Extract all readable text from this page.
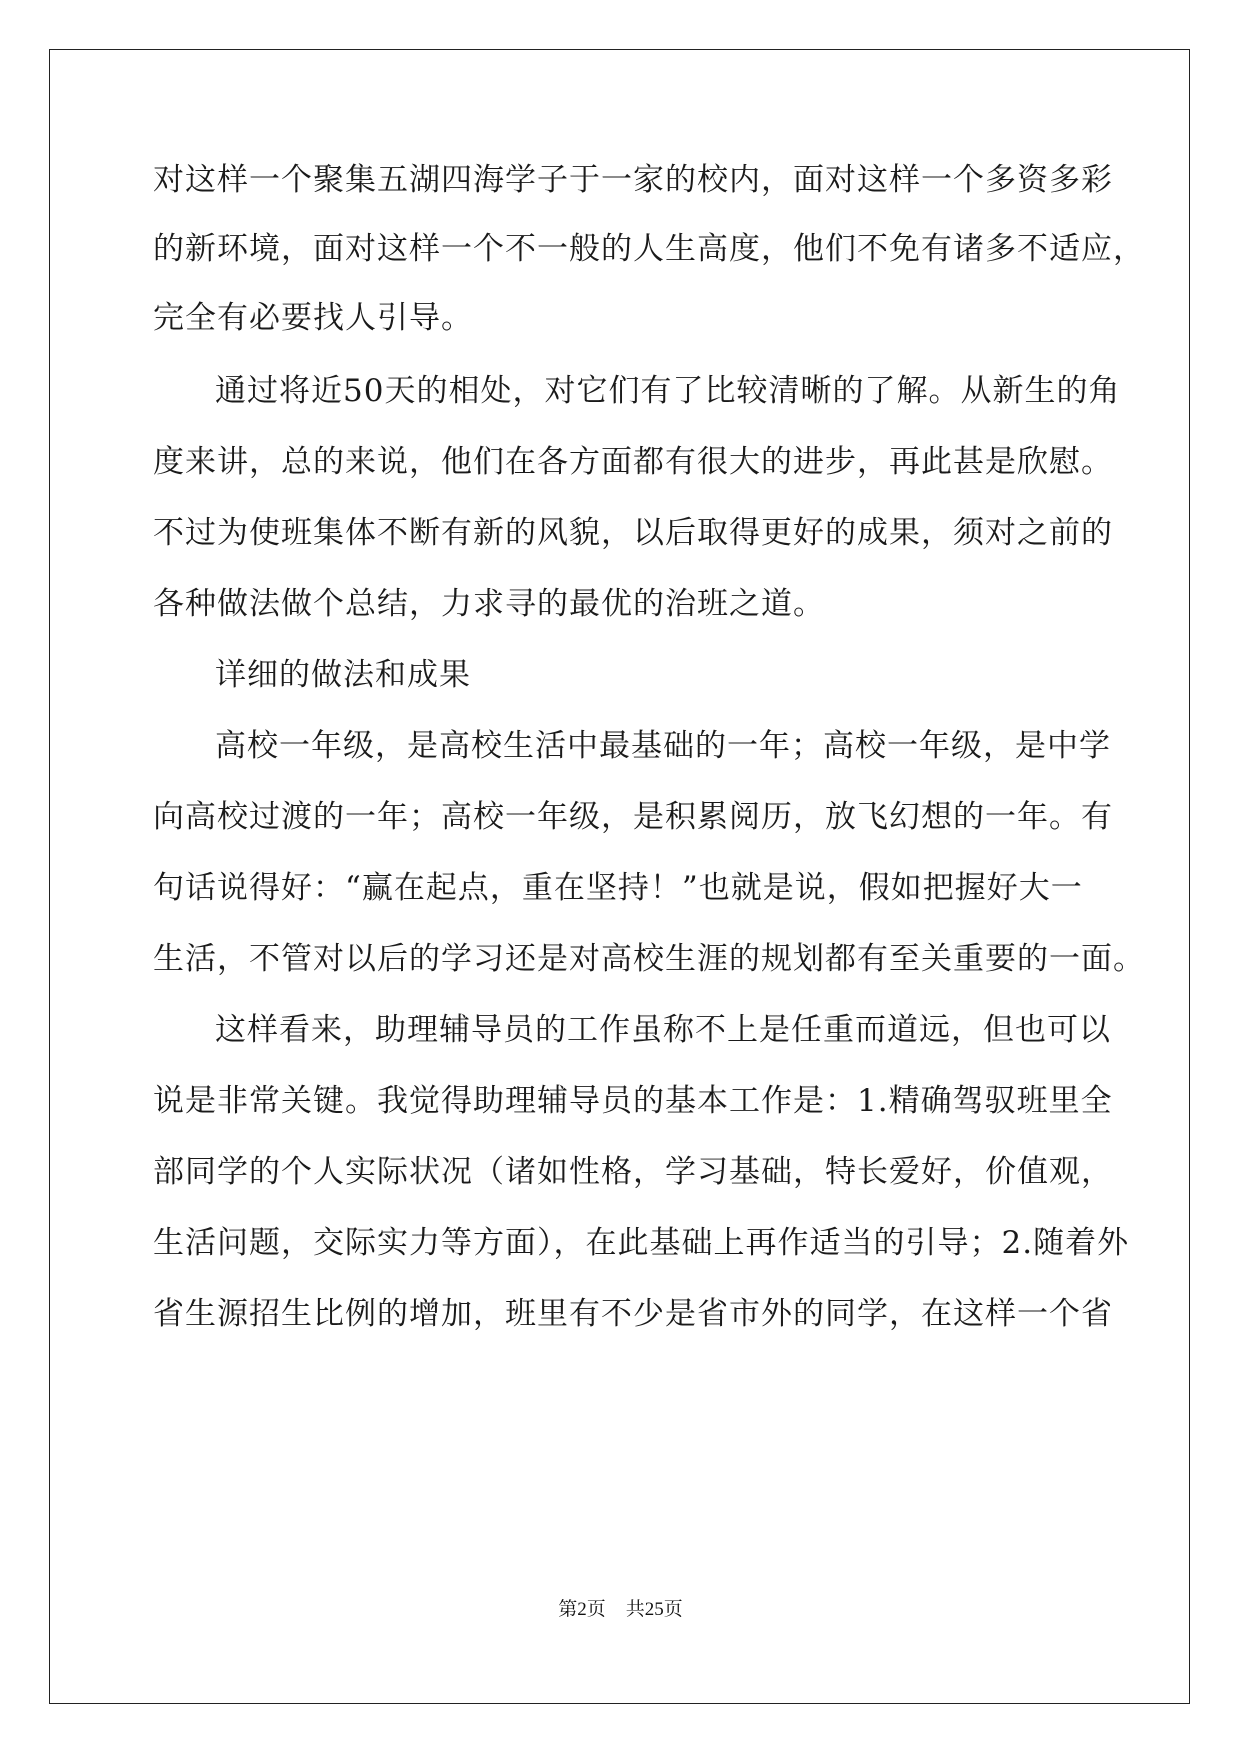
对这样一个聚集五湖四海学子于一家的校内，面对这样一个多资多彩
的新环境，面对这样一个不一般的人生高度，他们不免有诸多不适应，
完全有必要找人引导。
通过将近50天的相处，对它们有了比较清晰的了解。从新生的角
度来讲，总的来说，他们在各方面都有很大的进步，再此甚是欣慰。
不过为使班集体不断有新的风貌，以后取得更好的成果，须对之前的
各种做法做个总结，力求寻的最优的治班之道。
详细的做法和成果
高校一年级，是高校生活中最基础的一年；高校一年级，是中学
向高校过渡的一年；高校一年级，是积累阅历，放飞幻想的一年。有
句话说得好：“赢在起点，重在坚持！”也就是说，假如把握好大一
生活，不管对以后的学习还是对高校生涯的规划都有至关重要的一面。
这样看来，助理辅导员的工作虽称不上是任重而道远，但也可以
说是非常关键。我觉得助理辅导员的基本工作是：1.精确驾驭班里全
部同学的个人实际状况（诸如性格，学习基础，特长爱好，价值观，
生活问题，交际实力等方面），在此基础上再作适当的引导；2.随着外
省生源招生比例的增加，班里有不少是省市外的同学，在这样一个省
第2页 共25页
